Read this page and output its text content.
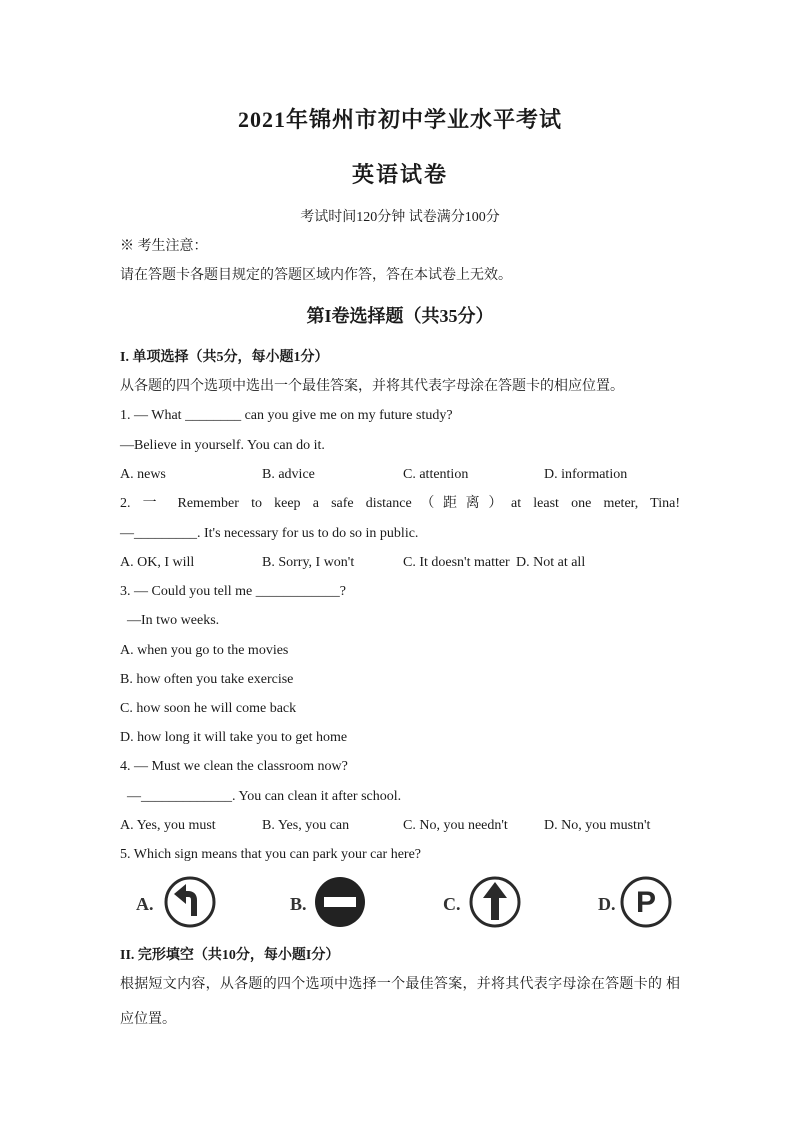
2021年锦州市初中学业水平考试
英语试卷
考试时间120分钟 试卷满分100分
※ 考生注意：
请在答题卡各题目规定的答题区域内作答，答在本试卷上无效。
第I卷选择题（共35分）
I. 单项选择（共5分，每小题1分）
从各题的四个选项中选出一个最佳答案，并将其代表字母涂在答题卡的相应位置。
1. — What ________ can you give me on my future study?
—Believe in yourself. You can do it.
A. news	B. advice	C. attention	D. information
2. 一 Remember to keep a safe distance（距离）at least one meter, Tina!
—_________. It's necessary for us to do so in public.
A. OK, I will	B. Sorry, I won't	C. It doesn't matter D. Not at all
3. — Could you tell me ____________?
—In two weeks.
A. when you go to the movies
B. how often you take exercise
C. how soon he will come back
D. how long it will take you to get home
4. — Must we clean the classroom now?
—_____________. You can clean it after school.
A. Yes, you must	B. Yes, you can	C. No, you needn't	D. No, you mustn't
5. Which sign means that you can park your car here?
A.	B.	C.	D. P
II. 完形填空（共10分，每小题I分）
根据短文内容，从各题的四个选项中选择一个最佳答案，并将其代表字母涂在答题卡的 相
应位置。
